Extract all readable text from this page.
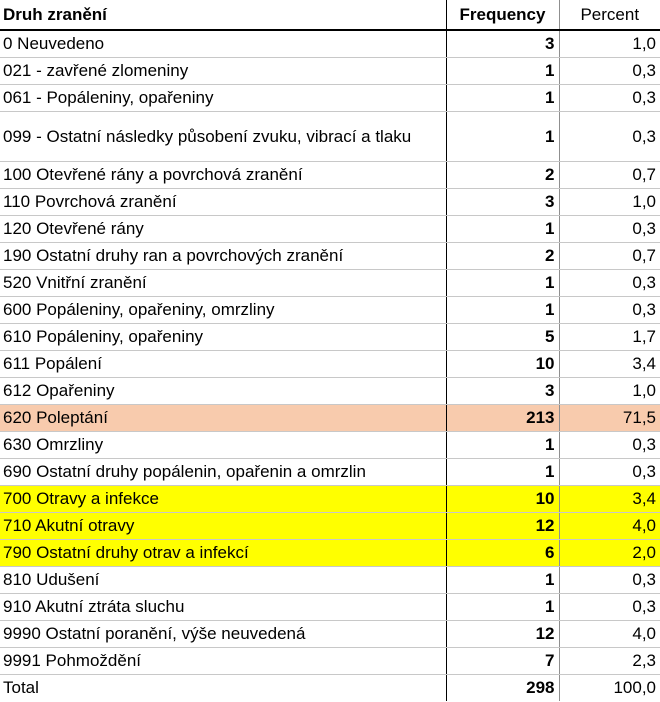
Druh zranění	Frequency	Percent
0 Neuvedeno	3	1,0
021 - zavřené zlomeniny	1	0,3
061 - Popáleniny, opařeniny	1	0,3
099 - Ostatní následky působení zvuku, vibrací a tlaku	1	0,3
100 Otevřené rány a povrchová zranění	2	0,7
110 Povrchová zranění	3	1,0
120 Otevřené rány	1	0,3
190 Ostatní druhy ran a povrchových zranění	2	0,7
520 Vnitřní zranění	1	0,3
600 Popáleniny, opařeniny, omrzliny	1	0,3
610 Popáleniny, opařeniny	5	1,7
611 Popálení	10	3,4
612 Opařeniny	3	1,0
620 Poleptání	213	71,5
630 Omrzliny	1	0,3
690 Ostatní druhy popálenin, opařenin a omrzlin	1	0,3
700 Otravy a infekce	10	3,4
710 Akutní otravy	12	4,0
790 Ostatní druhy otrav a infekcí	6	2,0
810 Udušení	1	0,3
910 Akutní ztráta sluchu	1	0,3
9990 Ostatní poranění, výše neuvedená	12	4,0
9991 Pohmoždění	7	2,3
Total	298	100,0
